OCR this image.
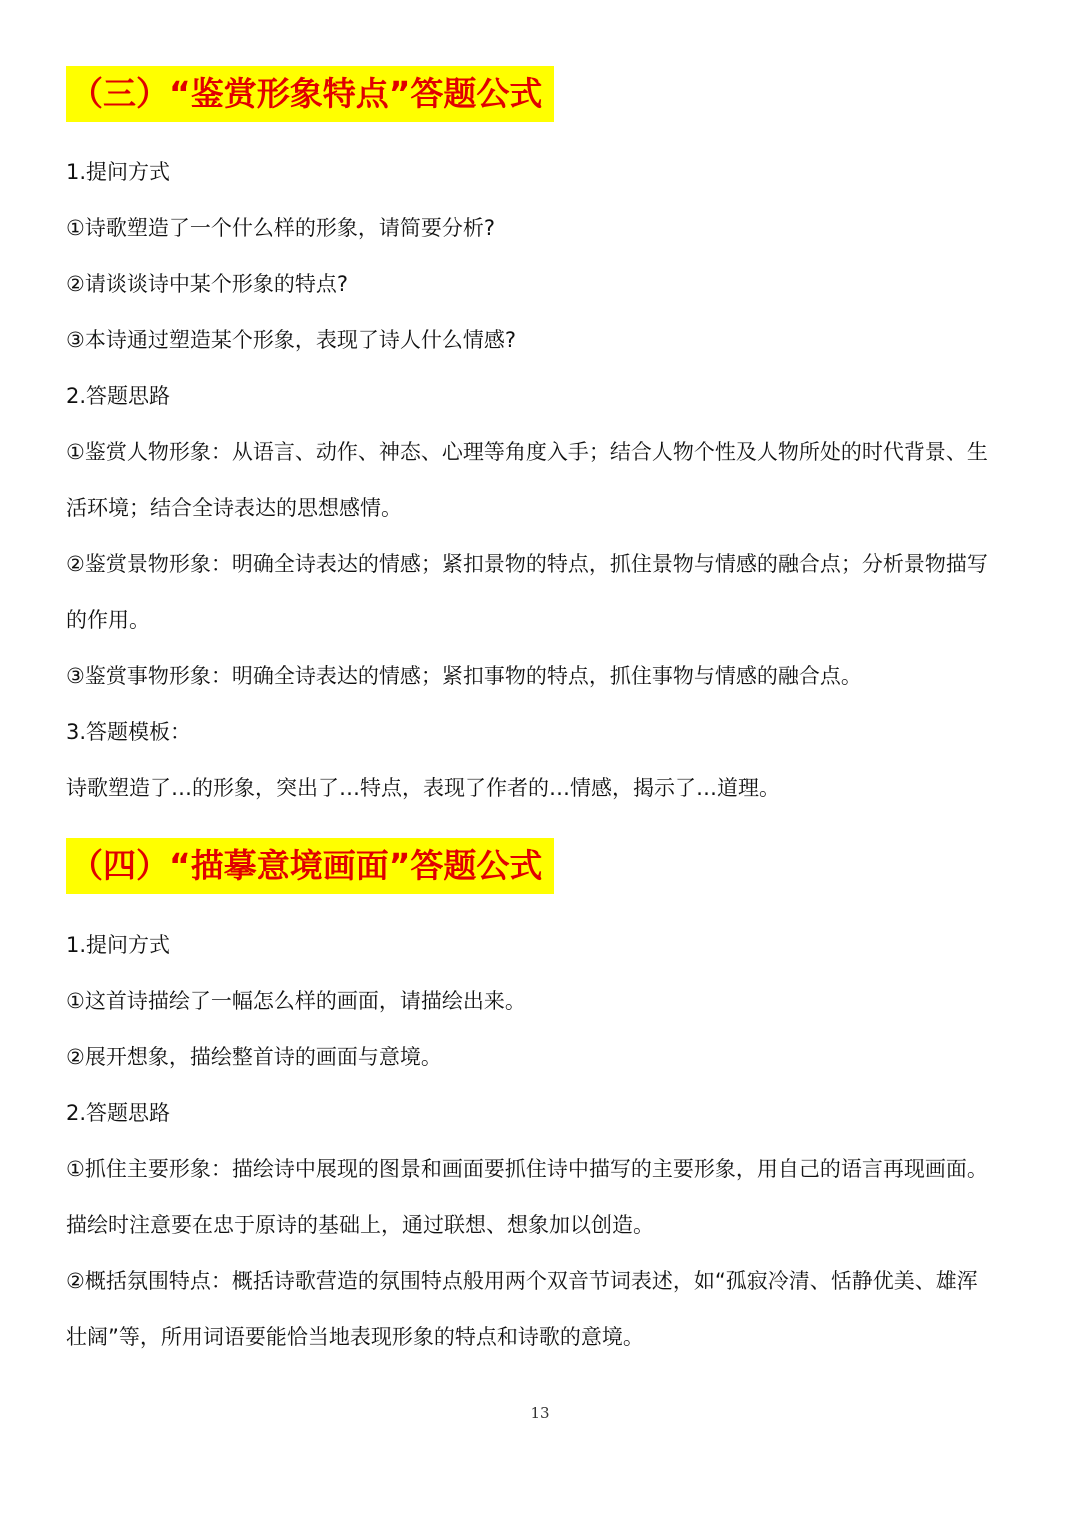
（三）“鉴赏形象特点”答题公式
1.提问方式
①诗歌塑造了一个什么样的形象，请简要分析?
②请谈谈诗中某个形象的特点?
③本诗通过塑造某个形象，表现了诗人什么情感?
2.答题思路
①鉴赏人物形象：从语言、动作、神态、心理等角度入手；结合人物个性及人物所处的时代背景、生
活环境；结合全诗表达的思想感情。
②鉴赏景物形象：明确全诗表达的情感；紧扣景物的特点，抓住景物与情感的融合点；分析景物描写
的作用。
③鉴赏事物形象：明确全诗表达的情感；紧扣事物的特点，抓住事物与情感的融合点。
3.答题模板：
诗歌塑造了…的形象，突出了…特点，表现了作者的…情感，揭示了…道理。
（四）“描摹意境画面”答题公式
1.提问方式
①这首诗描绘了一幅怎么样的画面，请描绘出来。
②展开想象，描绘整首诗的画面与意境。
2.答题思路
①抓住主要形象：描绘诗中展现的图景和画面要抓住诗中描写的主要形象，用自己的语言再现画面。
描绘时注意要在忠于原诗的基础上，通过联想、想象加以创造。
②概括氛围特点：概括诗歌营造的氛围特点般用两个双音节词表述，如“孤寂冷清、恬静优美、雄浑
壮阔”等，所用词语要能恰当地表现形象的特点和诗歌的意境。
13
